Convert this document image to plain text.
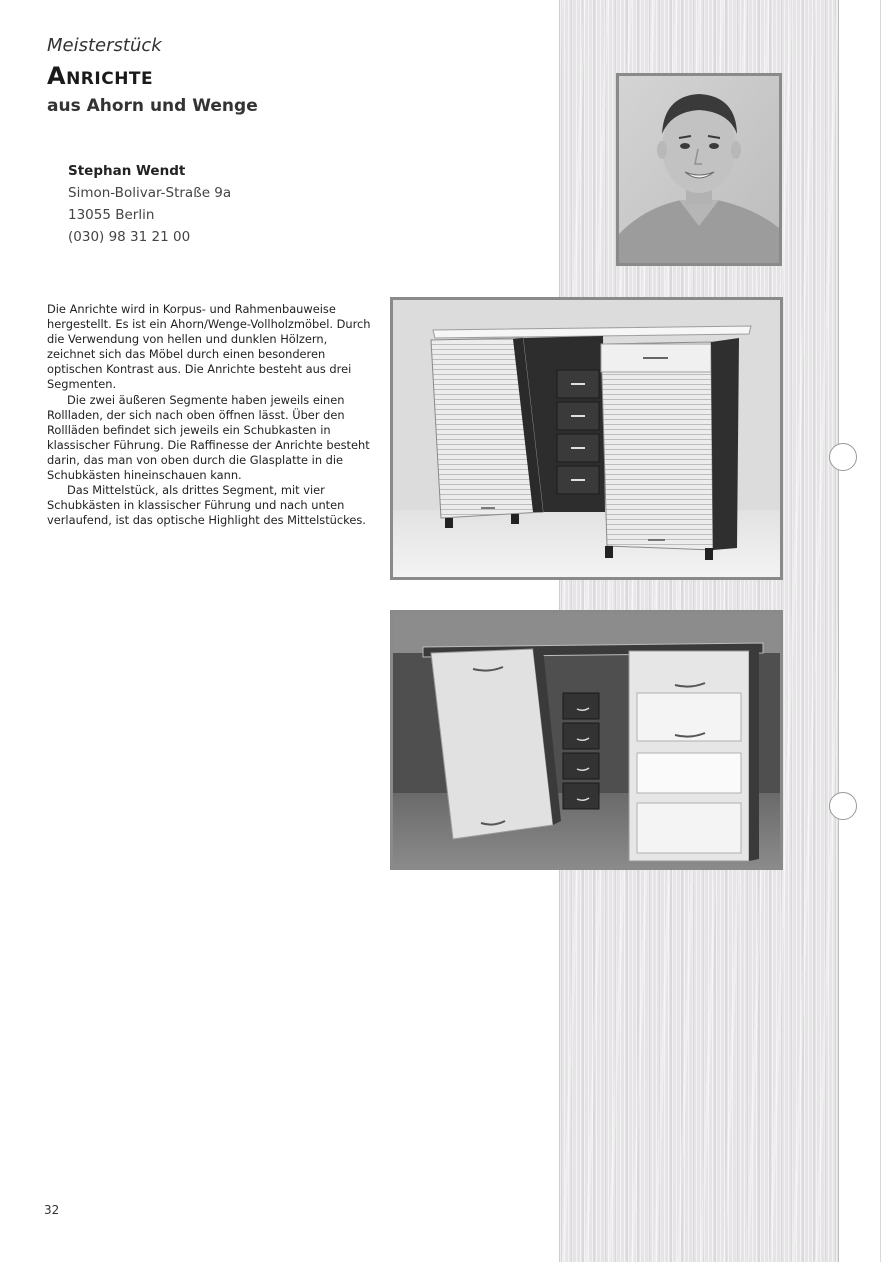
Meisterstück
Anrichte
aus Ahorn und Wenge
Stephan Wendt
Simon-Bolivar-Straße 9a
13055 Berlin
(030) 98 31 21 00

Die Anrichte wird in Korpus- und Rahmenbauweise hergestellt. Es ist ein Ahorn/Wenge-Vollholzmöbel. Durch die Verwendung von hellen und dunklen Hölzern, zeichnet sich das Möbel durch einen besonderen optischen Kontrast aus. Die Anrichte besteht aus drei Segmenten.

Die zwei äußeren Segmente haben jeweils einen Rollladen, der sich nach oben öffnen lässt. Über den Rollläden befindet sich jeweils ein Schubkasten in klassischer Führung. Die Raffinesse der Anrichte besteht darin, das man von oben durch die Glasplatte in die Schubkästen hineinschauen kann.

Das Mittelstück, als drittes Segment, mit vier Schubkästen in klassischer Führung und nach unten verlaufend, ist das optische Highlight des Mittelstückes.

32
